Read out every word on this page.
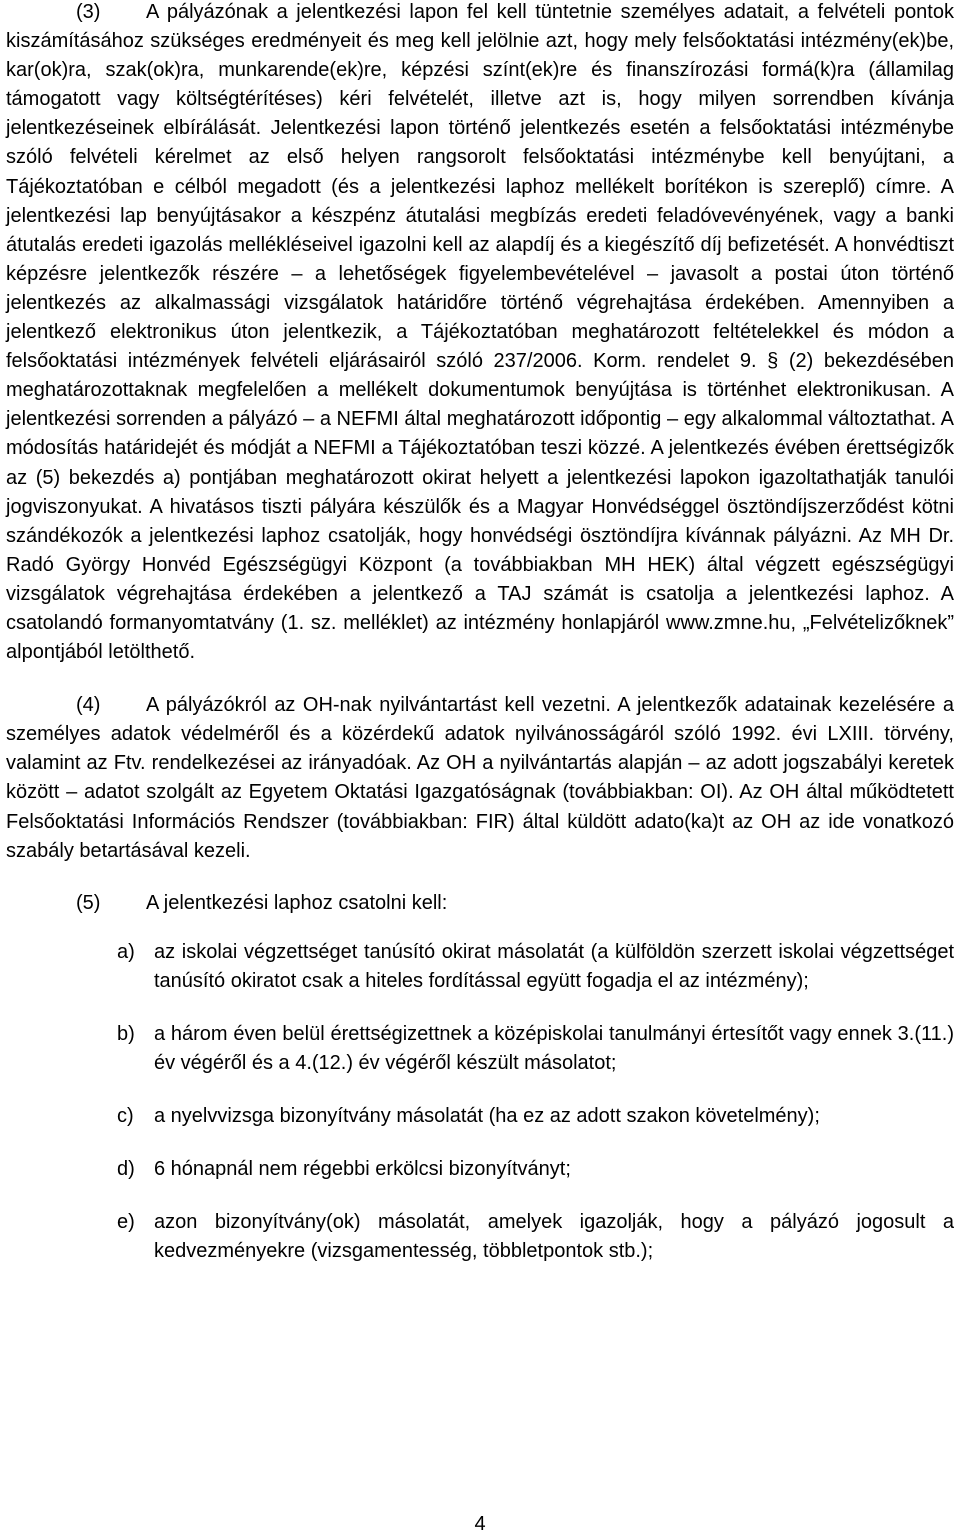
(3) A pályázónak a jelentkezési lapon fel kell tüntetnie személyes adatait, a felvételi pontok kiszámításához szükséges eredményeit és meg kell jelölnie azt, hogy mely felsőoktatási intézmény(ek)be, kar(ok)ra, szak(ok)ra, munkarende(ek)re, képzési színt(ek)re és finanszírozási formá(k)ra (államilag támogatott vagy költségtérítéses) kéri felvételét, illetve azt is, hogy milyen sorrendben kívánja jelentkezéseinek elbírálását. Jelentkezési lapon történő jelentkezés esetén a felsőoktatási intézménybe szóló felvételi kérelmet az első helyen rangsorolt felsőoktatási intézménybe kell benyújtani, a Tájékoztatóban e célból megadott (és a jelentkezési laphoz mellékelt borítékon is szereplő) címre. A jelentkezési lap benyújtásakor a készpénz átutalási megbízás eredeti feladóvevényének, vagy a banki átutalás eredeti igazolás mellékléseivel igazolni kell az alapdíj és a kiegészítő díj befizetését. A honvédtiszt képzésre jelentkezők részére – a lehetőségek figyelembevételével – javasolt a postai úton történő jelentkezés az alkalmassági vizsgálatok határidőre történő végrehajtása érdekében. Amennyiben a jelentkező elektronikus úton jelentkezik, a Tájékoztatóban meghatározott feltételekkel és módon a felsőoktatási intézmények felvételi eljárásairól szóló 237/2006. Korm. rendelet 9. § (2) bekezdésében meghatározottaknak megfelelően a mellékelt dokumentumok benyújtása is történhet elektronikusan. A jelentkezési sorrenden a pályázó – a NEFMI által meghatározott időpontig – egy alkalommal változtathat. A módosítás határidejét és módját a NEFMI a Tájékoztatóban teszi közzé. A jelentkezés évében érettségizők az (5) bekezdés a) pontjában meghatározott okirat helyett a jelentkezési lapokon igazoltathatják tanulói jogviszonyukat. A hivatásos tiszti pályára készülők és a Magyar Honvédséggel ösztöndíjszerződést kötni szándékozók a jelentkezési laphoz csatolják, hogy honvédségi ösztöndíjra kívánnak pályázni. Az MH Dr. Radó György Honvéd Egészségügyi Központ (a továbbiakban MH HEK) által végzett egészségügyi vizsgálatok végrehajtása érdekében a jelentkező a TAJ számát is csatolja a jelentkezési laphoz. A csatolandó formanyomtatvány (1. sz. melléklet) az intézmény honlapjáról www.zmne.hu, „Felvételizőknek” alpontjából letölthető.

(4) A pályázókról az OH-nak nyilvántartást kell vezetni. A jelentkezők adatainak kezelésére a személyes adatok védelméről és a közérdekű adatok nyilvánosságáról szóló 1992. évi LXIII. törvény, valamint az Ftv. rendelkezései az irányadóak. Az OH a nyilvántartás alapján – az adott jogszabályi keretek között – adatot szolgált az Egyetem Oktatási Igazgatóságnak (továbbiakban: OI). Az OH által működtetett Felsőoktatási Információs Rendszer (továbbiakban: FIR) által küldött adato(ka)t az OH az ide vonatkozó szabály betartásával kezeli.

(5) A jelentkezési laphoz csatolni kell:

a) az iskolai végzettséget tanúsító okirat másolatát (a külföldön szerzett iskolai végzettséget tanúsító okiratot csak a hiteles fordítással együtt fogadja el az intézmény);
b) a három éven belül érettségizettnek a középiskolai tanulmányi értesítőt vagy ennek 3.(11.) év végéről és a 4.(12.) év végéről készült másolatot;
c) a nyelvvizsga bizonyítvány másolatát (ha ez az adott szakon követelmény);
d) 6 hónapnál nem régebbi erkölcsi bizonyítványt;
e) azon bizonyítvány(ok) másolatát, amelyek igazolják, hogy a pályázó jogosult a kedvezményekre (vizsgamentesség, többletpontok stb.);
4
